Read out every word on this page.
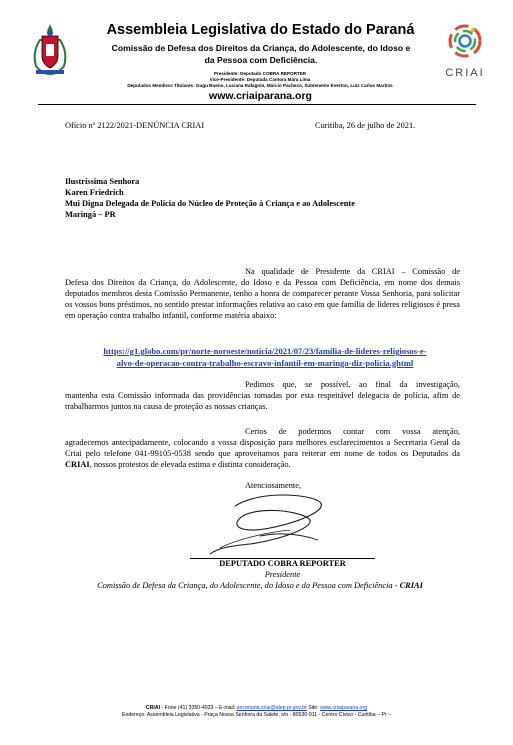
CRIAI
Assembleia Legislativa do Estado do Paraná
Comissão de Defesa dos Direitos da Criança, do Adolescente, do Idoso e
da Pessoa com Deficiência.
Presidente: Deputado COBRA REPORTER
Vice-Presidente: Deputada Cantora Mara Lima
Deputados Membros Titulares: Gugu Bueno, Luciana Rafagnin, Márcio Pacheco, Subtenente Everton, Luiz Carlos Martins
www.criaiparana.org
Ofício nº 2122/2021-DENÚNCIA CRIAI	Curitiba, 26 de julho de 2021.
Ilustríssima Senhora
Karen Friedrich
Mui Digna Delegada de Polícia do Núcleo de Proteção à Criança e ao Adolescente
Maringá – PR
Na qualidade de Presidente da CRIAI – Comissão de
Defesa dos Direitos da Criança, do Adolescente, do Idoso e da Pessoa com Deficiência, em nome dos demais deputados membros desta Comissão Permanente, tenho a honra de comparecer perante Vossa Senhoria, para solicitar os vossos bons préstimos, no sentido prestar informações relativa ao caso em que família de líderes religiosos é presa em operação contra trabalho infantil, conforme matéria abaixo:
https://g1.globo.com/pr/norte-noroeste/noticia/2021/07/23/familia-de-lideres-religiosos-e-
alvo-de-operacao-contra-trabalho-escravo-infantil-em-maringa-diz-policia.ghtml
Pedimos que, se possível, ao final da investigação,
mantenha esta Comissão informada das providências tomadas por esta respeitável delegacia de polícia, afim de trabalharmos juntos na causa de proteção as nossas crianças.
Certos de podermos contar com vossa atenção,
agradecemos antecipadamente, colocando a vossa disposição para melhores esclarecimentos a Secretaria Geral da Criai pelo telefone 041-99105-0538 sendo que aproveitamos para reiterar em nome de todos os Deputados da CRIAI, nossos protestos de elevada estima e distinta consideração.
Atenciosamente,
DEPUTADO COBRA REPORTER
Presidente
Comissão de Defesa da Criança, do Adolescente, do Idoso e da Pessoa com Deficiência - CRIAI
CRIAI - Fone (41) 3350-4033 – E-mail: secretaria.criai@alep.pr.gov.br Site: www.criaiparana.org
Endereço: Assembleia Legislativa - Praça Nossa Senhora da Salete, s/n - 80530-911 - Centro Cívico - Curitiba – Pr –
